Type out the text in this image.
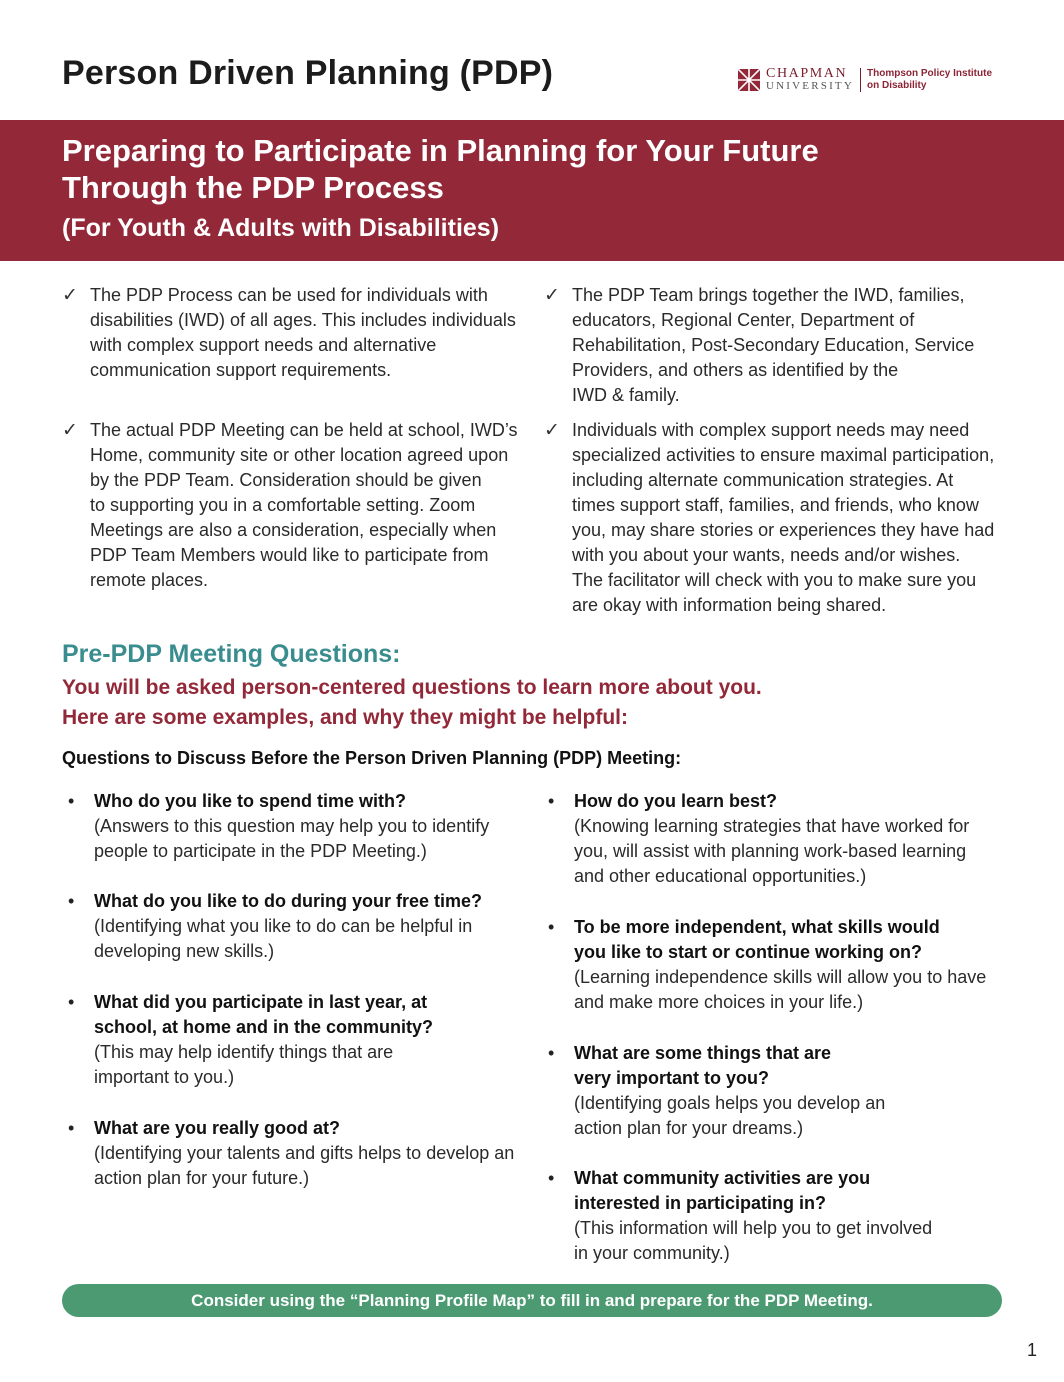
Person Driven Planning (PDP)	CHAPMAN
UNIVERSITY
Thompson Policy Institute
on Disability
Preparing to Participate in Planning for Your Future
Through the PDP Process
(For Youth & Adults with Disabilities)
✓ The PDP Process can be used for individuals with
disabilities (IWD) of all ages. This includes individuals
with complex support needs and alternative
communication support requirements.
✓ The PDP Team brings together the IWD, families,
educators, Regional Center, Department of
Rehabilitation, Post-Secondary Education, Service
Providers, and others as identified by the
IWD & family.
✓ The actual PDP Meeting can be held at school, IWD’s
Home, community site or other location agreed upon
by the PDP Team. Consideration should be given
to supporting you in a comfortable setting. Zoom
Meetings are also a consideration, especially when
PDP Team Members would like to participate from
remote places.
✓ Individuals with complex support needs may need
specialized activities to ensure maximal participation,
including alternate communication strategies. At
times support staff, families, and friends, who know
you, may share stories or experiences they have had
with you about your wants, needs and/or wishes.
The facilitator will check with you to make sure you
are okay with information being shared.
Pre-PDP Meeting Questions:

You will be asked person-centered questions to learn more about you.
Here are some examples, and why they might be helpful:

Questions to Discuss Before the Person Driven Planning (PDP) Meeting:
• Who do you like to spend time with?
(Answers to this question may help you to identify
people to participate in the PDP Meeting.)
• What do you like to do during your free time?
(Identifying what you like to do can be helpful in
developing new skills.)
• What did you participate in last year, at
school, at home and in the community?
(This may help identify things that are
important to you.)
• What are you really good at?
(Identifying your talents and gifts helps to develop an
action plan for your future.)
• How do you learn best?
(Knowing learning strategies that have worked for
you, will assist with planning work-based learning
and other educational opportunities.)
• To be more independent, what skills would
you like to start or continue working on?
(Learning independence skills will allow you to have
and make more choices in your life.)
• What are some things that are
very important to you?
(Identifying goals helps you develop an
action plan for your dreams.)
• What community activities are you
interested in participating in?
(This information will help you to get involved
in your community.)
Consider using the “Planning Profile Map” to fill in and prepare for the PDP Meeting.
1
